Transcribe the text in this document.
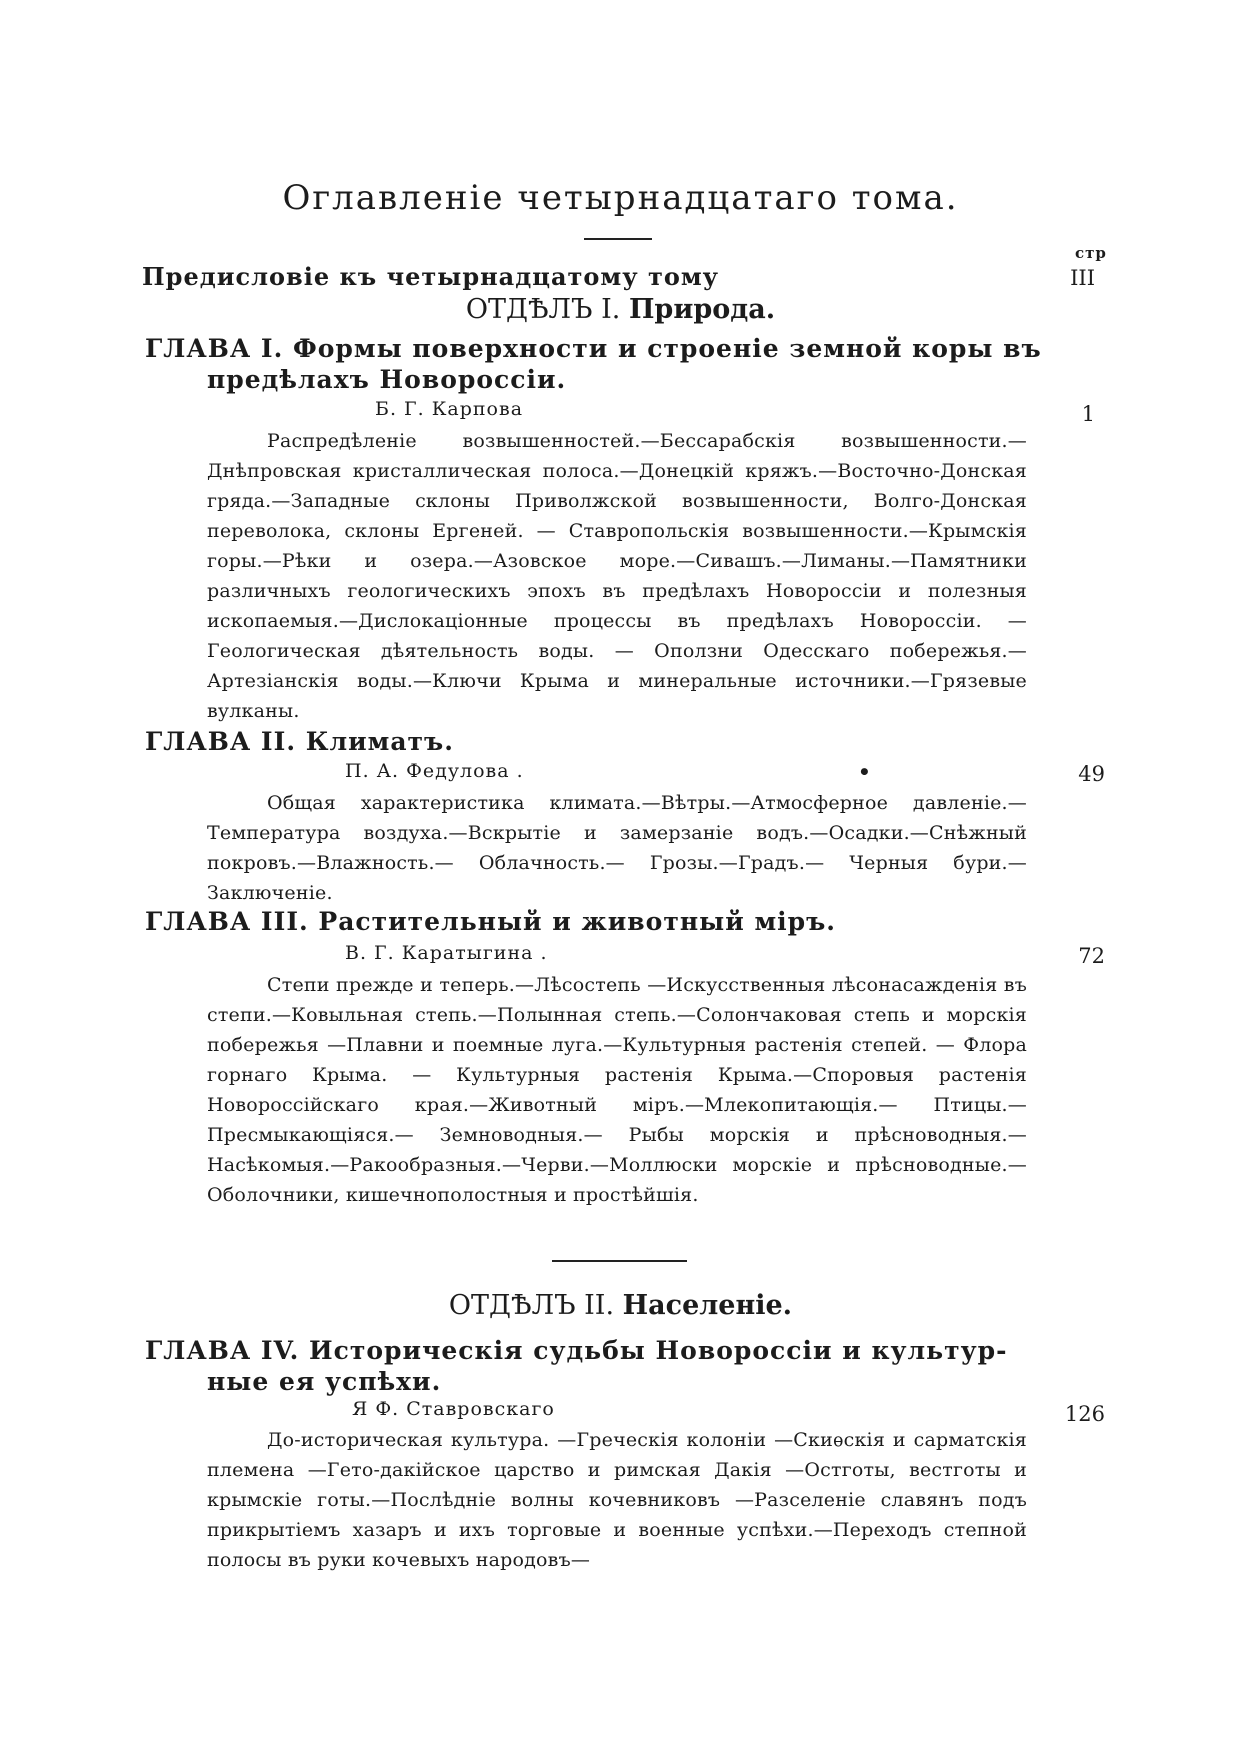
Оглавленіе четырнадцатаго тома.
стр
Предисловіе къ четырнадцатому тому	III
ОТДѢЛЪ I. Природа.
ГЛАВА I. Формы поверхности и строеніе земной коры въ
предѣлахъ Новороссіи.
Б. Г. Карпова	1
Распредѣленіе возвышенностей.—Бессарабскія возвышенности.—Днѣпровская кристаллическая полоса.—Донецкій кряжъ.—Восточно-Донская гряда.—Западные склоны Приволжской возвышенности, Волго-Донская переволока, склоны Ергеней. — Ставропольскія возвышенности.—Крымскія горы.—Рѣки и озера.—Азовское море.—Сивашъ.—Лиманы.—Памятники различныхъ геологическихъ эпохъ въ предѣлахъ Новороссіи и полезныя ископаемыя.—Дислокаціонные процессы въ предѣлахъ Новороссіи. — Геологическая дѣятельность воды. — Оползни Одесскаго побережья.—Артезіанскія воды.—Ключи Крыма и минеральные источники.—Грязевые вулканы.
ГЛАВА II. Климатъ.
П. А. Федулова .	•	49
Общая характеристика климата.—Вѣтры.—Атмосферное давленіе.—Температура воздуха.—Вскрытіе и замерзаніе водъ.—Осадки.—Снѣжный покровъ.—Влажность.— Облачность.— Грозы.—Градъ.— Черныя бури.—Заключеніе.
ГЛАВА III. Растительный и животный міръ.
В. Г. Каратыгина .	72
Степи прежде и теперь.—Лѣсостепь —Искусственныя лѣсонасажденія въ степи.—Ковыльная степь.—Полынная степь.—Солончаковая степь и морскія побережья —Плавни и поемные луга.—Культурныя растенія степей. — Флора горнаго Крыма. — Культурныя растенія Крыма.—Споровыя растенія Новороссійскаго края.—Животный міръ.—Млекопитающія.— Птицы.— Пресмыкающіяся.— Земноводныя.— Рыбы морскія и прѣсноводныя.—Насѣкомыя.—Ракообразныя.—Черви.—Моллюски морскіе и прѣсноводные.—Оболочники, кишечнополостныя и простѣйшія.
ОТДѢЛЪ II. Населеніе.
ГЛАВА IV. Историческія судьбы Новороссіи и культур-
ные ея успѣхи.
Я Ф. Ставровскаго	126
До-историческая культура. —Греческія колоніи —Скиѳскія и сарматскія племена —Гето-дакійское царство и римская Дакія —Остготы, вестготы и крымскіе готы.—Послѣдніе волны кочевниковъ —Разселеніе славянъ подъ прикрытіемъ хазаръ и ихъ торговые и военные успѣхи.—Переходъ степной полосы въ руки кочевыхъ народовъ—
